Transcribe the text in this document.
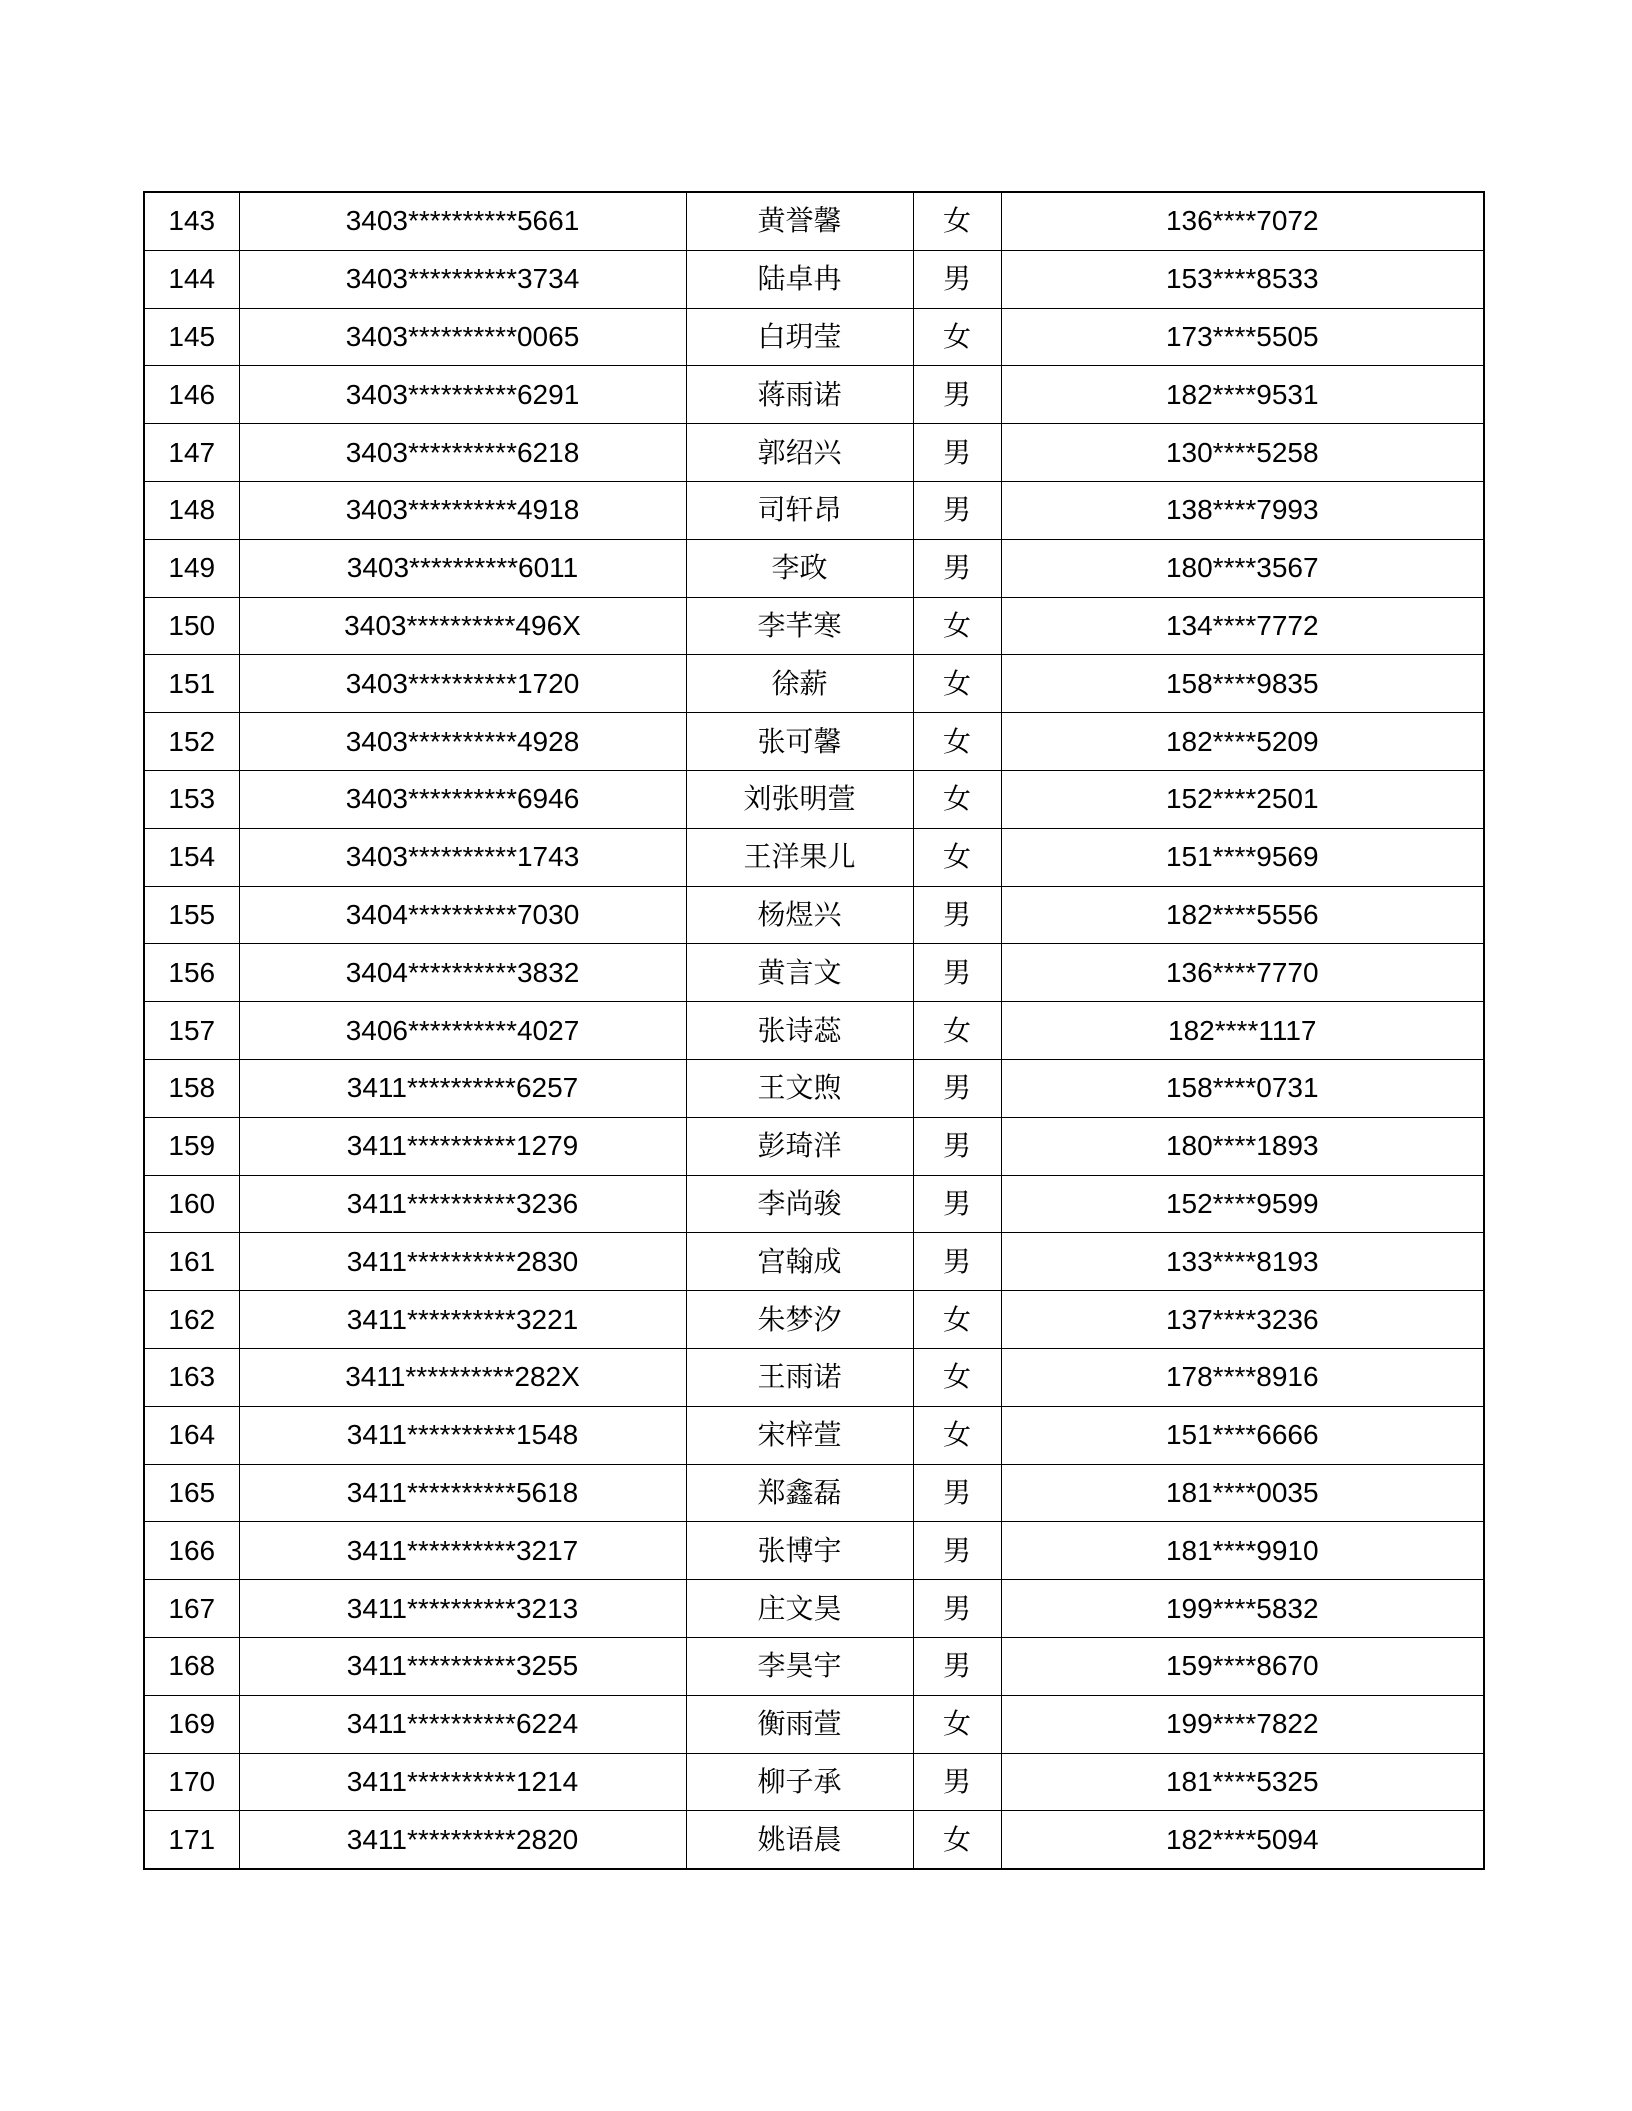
143	3403**********5661	黄誉馨	女	136****7072
144	3403**********3734	陆卓冉	男	153****8533
145	3403**********0065	白玥莹	女	173****5505
146	3403**********6291	蒋雨诺	男	182****9531
147	3403**********6218	郭绍兴	男	130****5258
148	3403**********4918	司轩昂	男	138****7993
149	3403**********6011	李政	男	180****3567
150	3403**********496X	李芊寒	女	134****7772
151	3403**********1720	徐薪	女	158****9835
152	3403**********4928	张可馨	女	182****5209
153	3403**********6946	刘张明萱	女	152****2501
154	3403**********1743	王洋果儿	女	151****9569
155	3404**********7030	杨煜兴	男	182****5556
156	3404**********3832	黄言文	男	136****7770
157	3406**********4027	张诗蕊	女	182****1117
158	3411**********6257	王文煦	男	158****0731
159	3411**********1279	彭琦洋	男	180****1893
160	3411**********3236	李尚骏	男	152****9599
161	3411**********2830	宫翰成	男	133****8193
162	3411**********3221	朱梦汐	女	137****3236
163	3411**********282X	王雨诺	女	178****8916
164	3411**********1548	宋梓萱	女	151****6666
165	3411**********5618	郑鑫磊	男	181****0035
166	3411**********3217	张博宇	男	181****9910
167	3411**********3213	庄文昊	男	199****5832
168	3411**********3255	李昊宇	男	159****8670
169	3411**********6224	衡雨萱	女	199****7822
170	3411**********1214	柳子承	男	181****5325
171	3411**********2820	姚语晨	女	182****5094
